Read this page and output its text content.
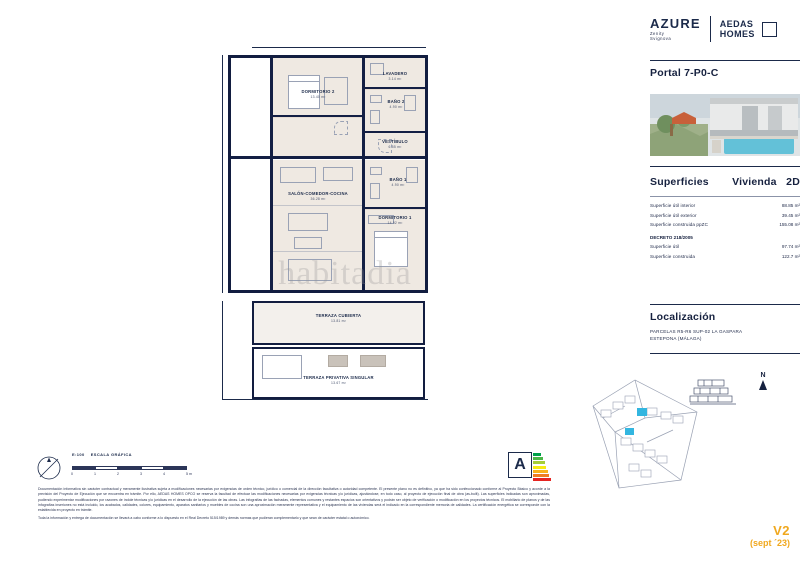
LAVADERO
3.14 m²
DORMITORIO 2
13.40 m²
BAÑO 2
4.90 m²
VESTÍBULO
6.55 m²
BAÑO 1
4.90 m²
SALÓN-COMEDOR-COCINA
36.28 m²
DORMITORIO 1
14.92 m²
TERRAZA CUBIERTA
13.81 m²
TERRAZA PRIVATIVA SINGULAR
13.67 m²
habitadia
E:100 ESCALA GRÁFICA
0	1	2	3	4	5 m
A
Documentación informativa sin carácter contractual y meramente ilustrativa sujeta a modificaciones necesarias por exigencias de orden técnico, jurídico o comercial de la dirección facultativa o autoridad competente. El presente plano no es definitivo, ya que ha sido confeccionado conforme al Proyecto Básico y acorde a la previsión del Proyecto de Ejecución que se encuentra en trámite. Por ello, AEDAS HOMES OPCO se reserva la facultad de efectuar las modificaciones necesarias por exigencias técnicas y/o jurídicas, ajustándose, en todo caso, al proyecto de ejecución final de obra (as-built). Las superficies indicadas son aproximadas, pudiendo experimentar modificaciones por razones de índole técnicas y/o jurídicas en el desarrollo de la ejecución de las obras. Las infografías de las fachadas, elementos comunes y restantes espacios son orientativos y podrán ser objeto de verificación o modificación en los proyectos técnicos. El mobiliario de planos y de las infografías inseriones no está incluido, los acabados, calidades, colores, equipamiento, aparatos sanitarios y muebles de cocina son una aproximación meramente representativa y el equipamiento de las viviendas será el indicado en la correspondiente memoria de calidades. La certificación energética se corresponde con la establecida en proyecto en trámite.
Toda la información y entrega de documentación se llevará a cabo conforme a lo dispuesto en el Real Decreto 515/1989 y demás normas que pudieran complementarlo y que sean de carácter estatal o autonómico.
AZURE
Zenity
Svignova
AEDAS
HOMES
Portal 7-P0-C
Superficies Vivienda 2D
Superficie útil interior	88.85 m²
Superficie útil exterior	39.45 m²
Superficie construida ppZC	155.08 m²
DECRETO 218/2005
Superficie útil	97.74 m²
Superficie construida	122.7 m²
Localización
PARCELAS R5-R6 SUP-02 LA GASPARA
ESTEPONA (MÁLAGA)
N
V2
(sept ´23)
